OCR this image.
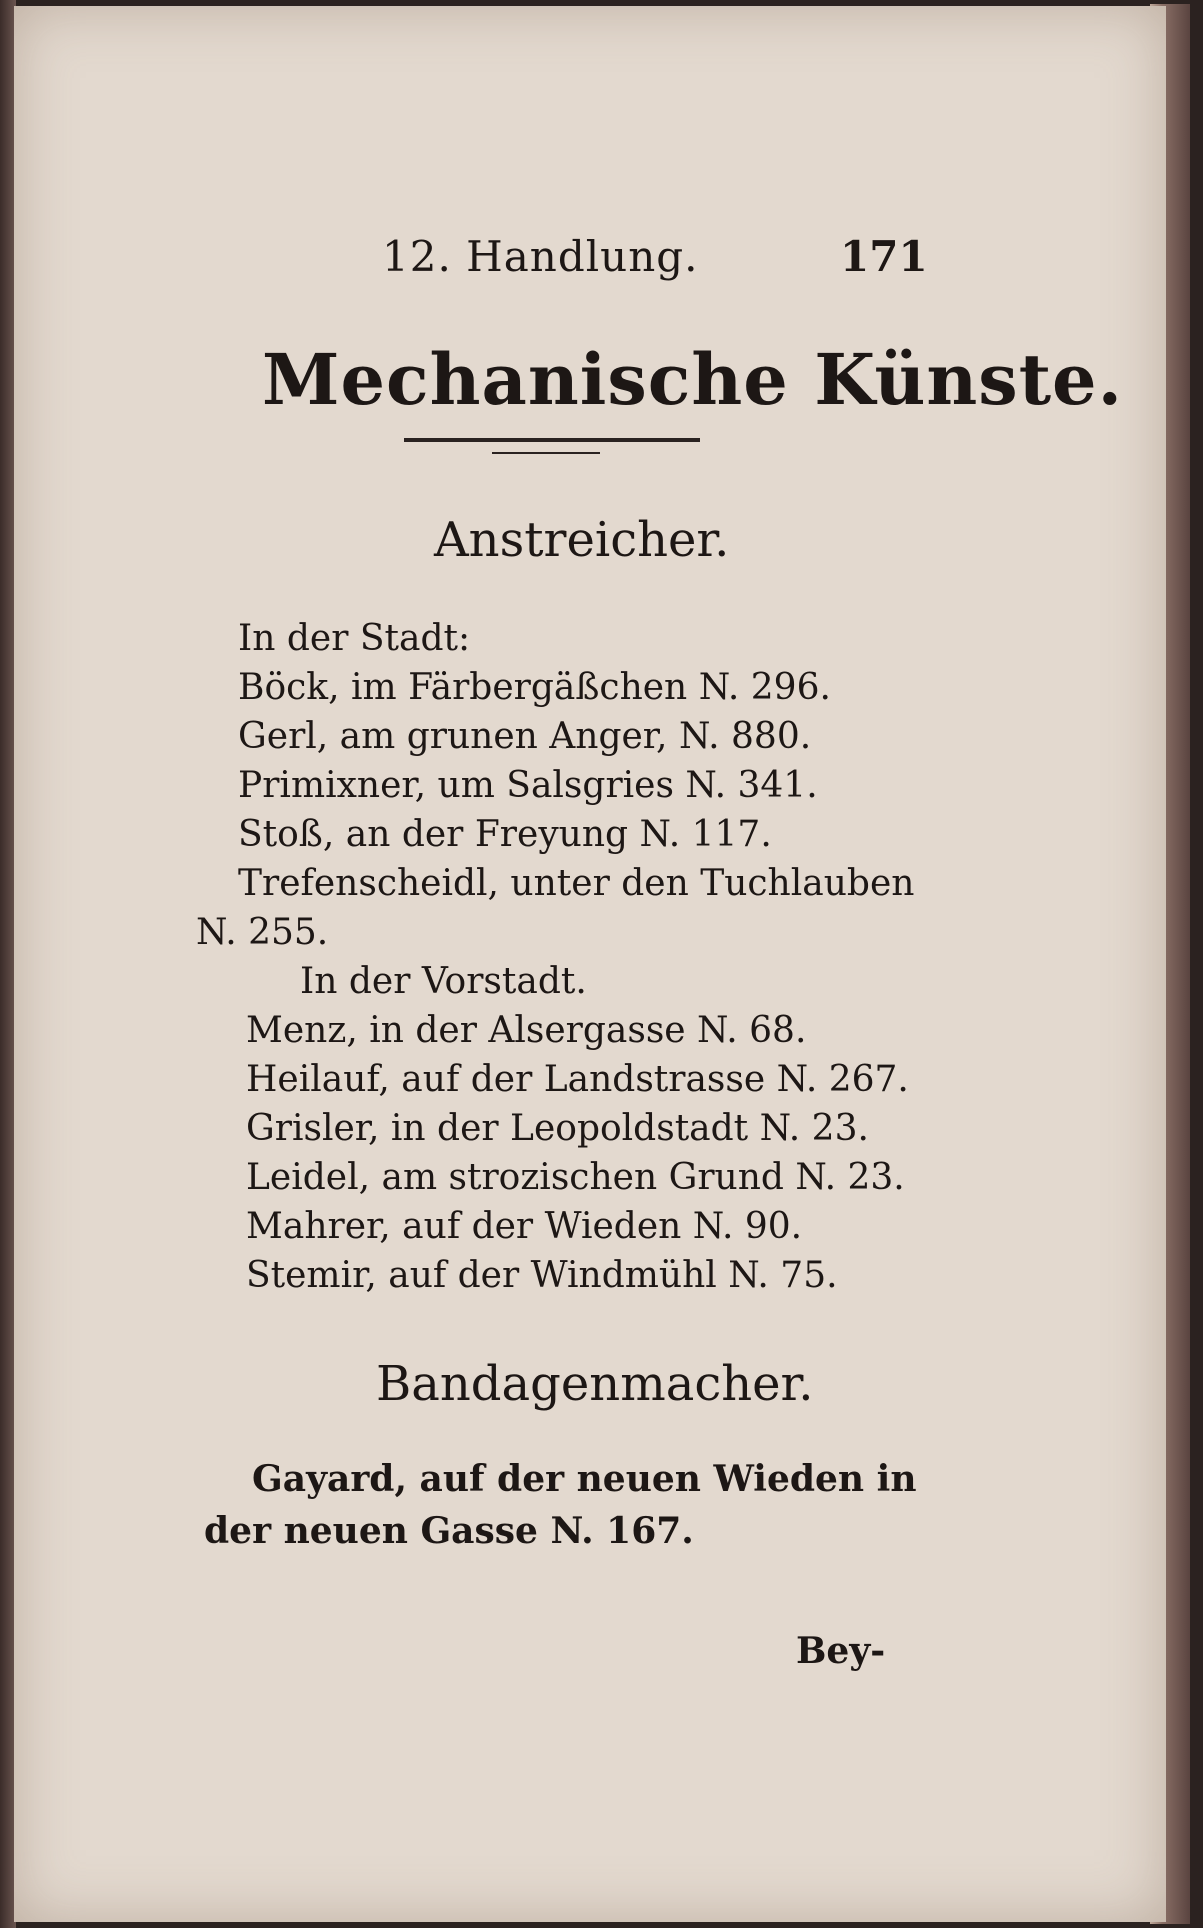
12. Handlung.	171
Mechanische Künste.
Anstreicher.
In der Stadt:
Böck, im Färbergäßchen N. 296.
Gerl, am grunen Anger, N. 880.
Primixner, um Salsgries N. 341.
Stoß, an der Freyung N. 117.
Trefenscheidl, unter den Tuchlauben
N. 255.
In der Vorstadt.
Menz, in der Alsergasse N. 68.
Heilauf, auf der Landstrasse N. 267.
Grisler, in der Leopoldstadt N. 23.
Leidel, am strozischen Grund N. 23.
Mahrer, auf der Wieden N. 90.
Stemir, auf der Windmühl N. 75.
Bandagenmacher.
Gayard, auf der neuen Wieden in
der neuen Gasse N. 167.
Bey-
